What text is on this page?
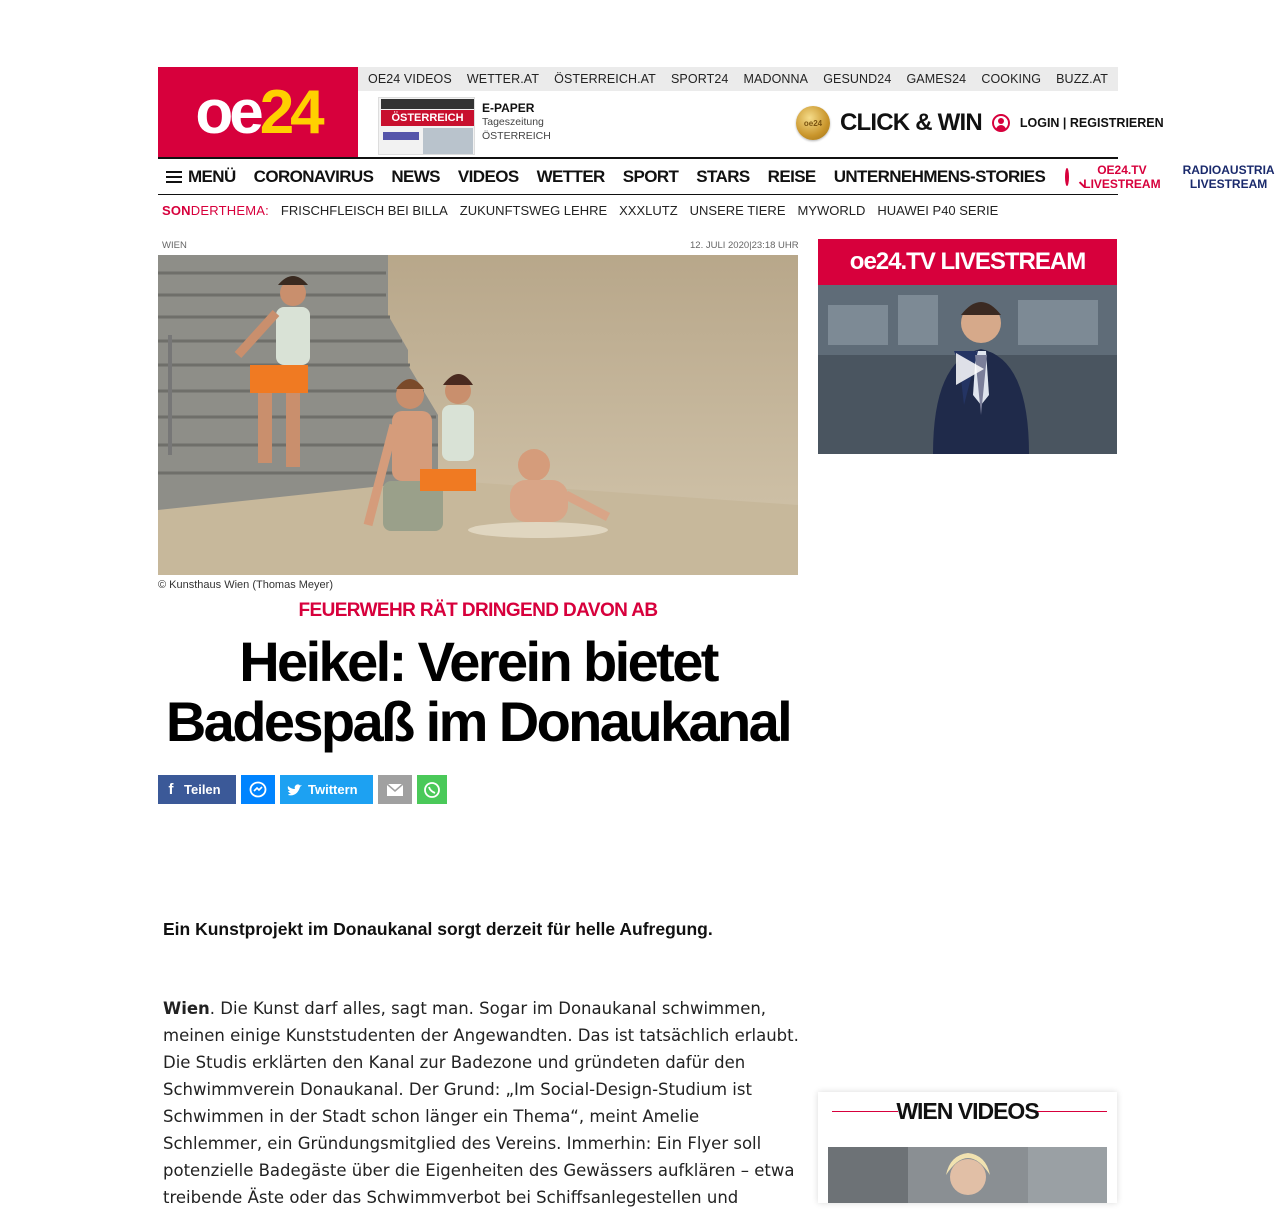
oe24	OE24 VIDEOS WETTER.AT ÖSTERREICH.AT SPORT24 MADONNA GESUND24 GAMES24 COOKING BUZZ.AT
ÖSTERREICH
E-PAPER
Tageszeitung
ÖSTERREICH
oe24 CLICK & WIN	LOGIN | REGISTRIEREN
MENÜ CORONAVIRUS NEWS VIDEOS WETTER SPORT STARS REISE UNTERNEHMENS-STORIES	OE24.TV
LIVESTREAM
RADIOAUSTRIA
LIVESTREAM
SONDERTHEMA: FRISCHFLEISCH BEI BILLA ZUKUNFTSWEG LEHRE XXXLUTZ UNSERE TIERE MYWORLD HUAWEI P40 SERIE
WIEN	12. JULI 2020|23:18 UHR
© Kunsthaus Wien (Thomas Meyer)
FEUERWEHR RÄT DRINGEND DAVON AB
Heikel: Verein bietet
Badespaß im Donaukanal
f Teilen	Twittern
Ein Kunstprojekt im Donaukanal sorgt derzeit für helle Aufregung.
Wien. Die Kunst darf alles, sagt man. Sogar im Donaukanal schwimmen, meinen einige Kunststudenten der Angewandten. Das ist tatsächlich erlaubt. Die Studis erklärten den Kanal zur Badezone und gründeten dafür den Schwimmverein Donaukanal. Der Grund: „Im Social-Design-Studium ist Schwimmen in der Stadt schon länger ein Thema“, meint Amelie Schlemmer, ein Gründungsmitglied des Vereins. Immerhin: Ein Flyer soll potenzielle Badegäste über die Eigenheiten des Gewässers aufklären – etwa treibende Äste oder das Schwimmverbot bei Schiffsanlegestellen und
oe24.TV LIVESTREAM
WIEN VIDEOS
